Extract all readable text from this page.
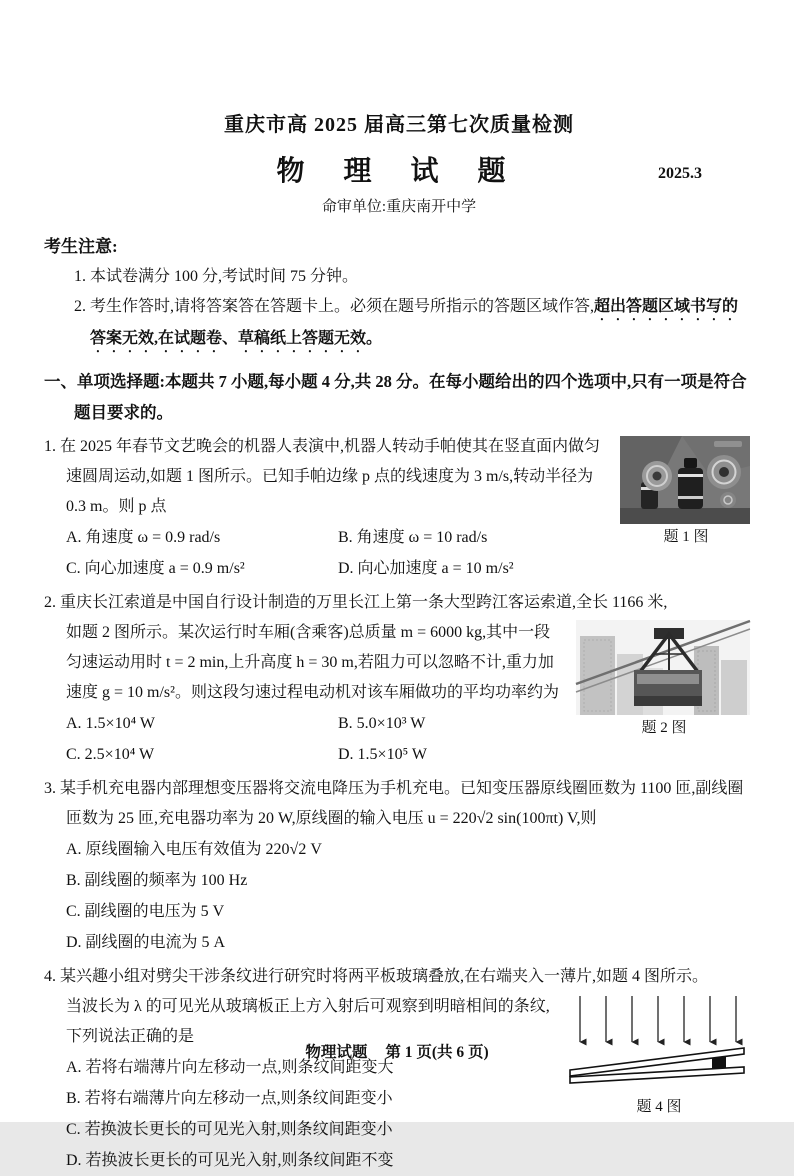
重庆市高 2025 届高三第七次质量检测
物 理 试 题	2025.3
命审单位:重庆南开中学
考生注意:
1. 本试卷满分 100 分,考试时间 75 分钟。
2. 考生作答时,请将答案答在答题卡上。必须在题号所指示的答题区域作答,超出答题区域书写的答案无效,在试题卷、草稿纸上答题无效。
一、单项选择题:本题共 7 小题,每小题 4 分,共 28 分。在每小题给出的四个选项中,只有一项是符合题目要求的。
题 1 图
1. 在 2025 年春节文艺晚会的机器人表演中,机器人转动手帕使其在竖直面内做匀速圆周运动,如题 1 图所示。已知手帕边缘 p 点的线速度为 3 m/s,转动半径为 0.3 m。则 p 点
A. 角速度 ω = 0.9 rad/s	B. 角速度 ω = 10 rad/s
C. 向心加速度 a = 0.9 m/s²	D. 向心加速度 a = 10 m/s²
2. 重庆长江索道是中国自行设计制造的万里长江上第一条大型跨江客运索道,全长 1166 米,
题 2 图
如题 2 图所示。某次运行时车厢(含乘客)总质量 m = 6000 kg,其中一段匀速运动用时 t = 2 min,上升高度 h = 30 m,若阻力可以忽略不计,重力加速度 g = 10 m/s²。则这段匀速过程电动机对该车厢做功的平均功率约为
A. 1.5×10⁴ W	B. 5.0×10³ W
C. 2.5×10⁴ W	D. 1.5×10⁵ W
3. 某手机充电器内部理想变压器将交流电降压为手机充电。已知变压器原线圈匝数为 1100 匝,副线圈匝数为 25 匝,充电器功率为 20 W,原线圈的输入电压 u = 220√2 sin(100πt) V,则
A. 原线圈输入电压有效值为 220√2 V
B. 副线圈的频率为 100 Hz
C. 副线圈的电压为 5 V
D. 副线圈的电流为 5 A
4. 某兴趣小组对劈尖干涉条纹进行研究时将两平板玻璃叠放,在右端夹入一薄片,如题 4 图所示。
题 4 图
当波长为 λ 的可见光从玻璃板正上方入射后可观察到明暗相间的条纹,下列说法正确的是
A. 若将右端薄片向左移动一点,则条纹间距变大
B. 若将右端薄片向左移动一点,则条纹间距变小
C. 若换波长更长的可见光入射,则条纹间距变小
D. 若换波长更长的可见光入射,则条纹间距不变
物理试题 第 1 页(共 6 页)
